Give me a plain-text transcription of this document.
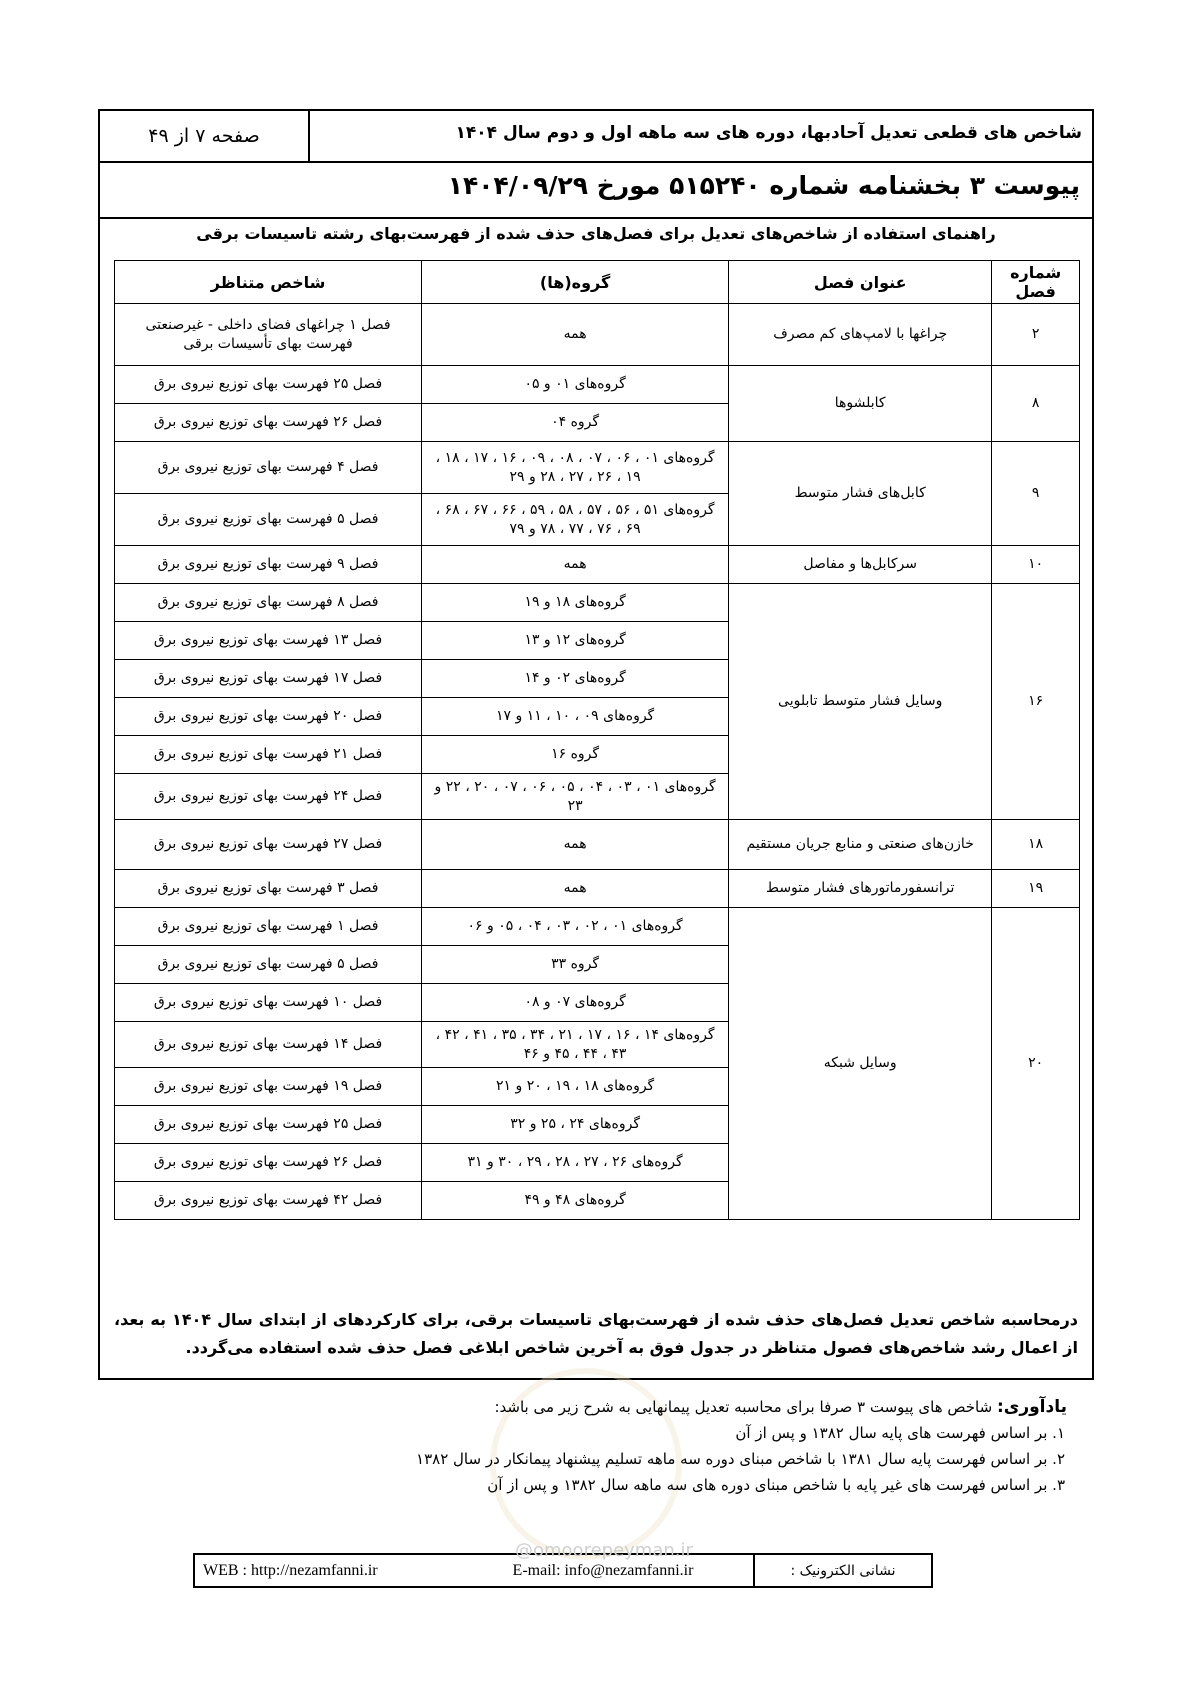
شاخص های قطعی تعدیل آحادبها، دوره های سه ماهه اول و دوم سال ۱۴۰۴
صفحه ۷ از ۴۹
پیوست ۳ بخشنامه شماره ۵۱۵۲۴۰ مورخ ۱۴۰۴/۰۹/۲۹
راهنمای استفاده از شاخص‌های تعدیل برای فصل‌های حذف شده از فهرست‌بهای رشته تاسیسات برقی
شماره فصل	عنوان فصل	گروه(ها)	شاخص متناظر
۲	چراغها با لامپ‌های کم مصرف	همه	فصل ۱ چراغهای فضای داخلی - غیرصنعتی فهرست بهای تأسیسات برقی
۸	کابلشوها	گروه‌های ۰۱ و ۰۵	فصل ۲۵ فهرست بهای توزیع نیروی برق
		گروه ۰۴	فصل ۲۶ فهرست بهای توزیع نیروی برق
۹	کابل‌های فشار متوسط	گروه‌های ۰۱ ، ۰۶ ، ۰۷ ، ۰۸ ، ۰۹ ، ۱۶ ، ۱۷ ، ۱۸ ، ۱۹ ، ۲۶ ، ۲۷ ، ۲۸ و ۲۹	فصل ۴ فهرست بهای توزیع نیروی برق
		گروه‌های ۵۱ ، ۵۶ ، ۵۷ ، ۵۸ ، ۵۹ ، ۶۶ ، ۶۷ ، ۶۸ ، ۶۹ ، ۷۶ ، ۷۷ ، ۷۸ و ۷۹	فصل ۵ فهرست بهای توزیع نیروی برق
۱۰	سرکابل‌ها و مفاصل	همه	فصل ۹ فهرست بهای توزیع نیروی برق
۱۶	وسایل فشار متوسط تابلویی	گروه‌های ۱۸ و ۱۹	فصل ۸ فهرست بهای توزیع نیروی برق
		گروه‌های ۱۲ و ۱۳	فصل ۱۳ فهرست بهای توزیع نیروی برق
		گروه‌های ۰۲ و ۱۴	فصل ۱۷ فهرست بهای توزیع نیروی برق
		گروه‌های ۰۹ ، ۱۰ ، ۱۱ و ۱۷	فصل ۲۰ فهرست بهای توزیع نیروی برق
		گروه ۱۶	فصل ۲۱ فهرست بهای توزیع نیروی برق
		گروه‌های ۰۱ ، ۰۳ ، ۰۴ ، ۰۵ ، ۰۶ ، ۰۷ ، ۲۰ ، ۲۲ و ۲۳	فصل ۲۴ فهرست بهای توزیع نیروی برق
۱۸	خازن‌های صنعتی و منابع جریان مستقیم	همه	فصل ۲۷ فهرست بهای توزیع نیروی برق
۱۹	ترانسفورماتورهای فشار متوسط	همه	فصل ۳ فهرست بهای توزیع نیروی برق
۲۰	وسایل شبکه	گروه‌های ۰۱ ، ۰۲ ، ۰۳ ، ۰۴ ، ۰۵ و ۰۶	فصل ۱ فهرست بهای توزیع نیروی برق
		گروه ۳۳	فصل ۵ فهرست بهای توزیع نیروی برق
		گروه‌های ۰۷ و ۰۸	فصل ۱۰ فهرست بهای توزیع نیروی برق
		گروه‌های ۱۴ ، ۱۶ ، ۱۷ ، ۲۱ ، ۳۴ ، ۳۵ ، ۴۱ ، ۴۲ ، ۴۳ ، ۴۴ ، ۴۵ و ۴۶	فصل ۱۴ فهرست بهای توزیع نیروی برق
		گروه‌های ۱۸ ، ۱۹ ، ۲۰ و ۲۱	فصل ۱۹ فهرست بهای توزیع نیروی برق
		گروه‌های ۲۴ ، ۲۵ و ۳۲	فصل ۲۵ فهرست بهای توزیع نیروی برق
		گروه‌های ۲۶ ، ۲۷ ، ۲۸ ، ۲۹ ، ۳۰ و ۳۱	فصل ۲۶ فهرست بهای توزیع نیروی برق
		گروه‌های ۴۸ و ۴۹	فصل ۴۲ فهرست بهای توزیع نیروی برق
درمحاسبه شاخص تعدیل فصل‌های حذف شده از فهرست‌بهای تاسیسات برقی، برای کارکردهای از ابتدای سال ۱۴۰۴ به بعد، از اعمال رشد شاخص‌های فصول متناظر در جدول فوق به آخرین شاخص ابلاغی فصل حذف شده استفاده می‌گردد.
یادآوری: شاخص های پیوست ۳ صرفا برای محاسبه تعدیل پیمانهایی به شرح زیر می باشد:
۱. بر اساس فهرست های پایه سال ۱۳۸۲ و پس از آن
۲. بر اساس فهرست پایه سال ۱۳۸۱ با شاخص مبنای دوره سه ماهه تسلیم پیشنهاد پیمانکار در سال ۱۳۸۲
۳. بر اساس فهرست های غیر پایه با شاخص مبنای دوره های سه ماهه سال ۱۳۸۲ و پس از آن
WEB : http://nezamfanni.ir	E-mail: info@nezamfanni.ir	نشانی الکترونیک :
@omoorepeyman.ir
